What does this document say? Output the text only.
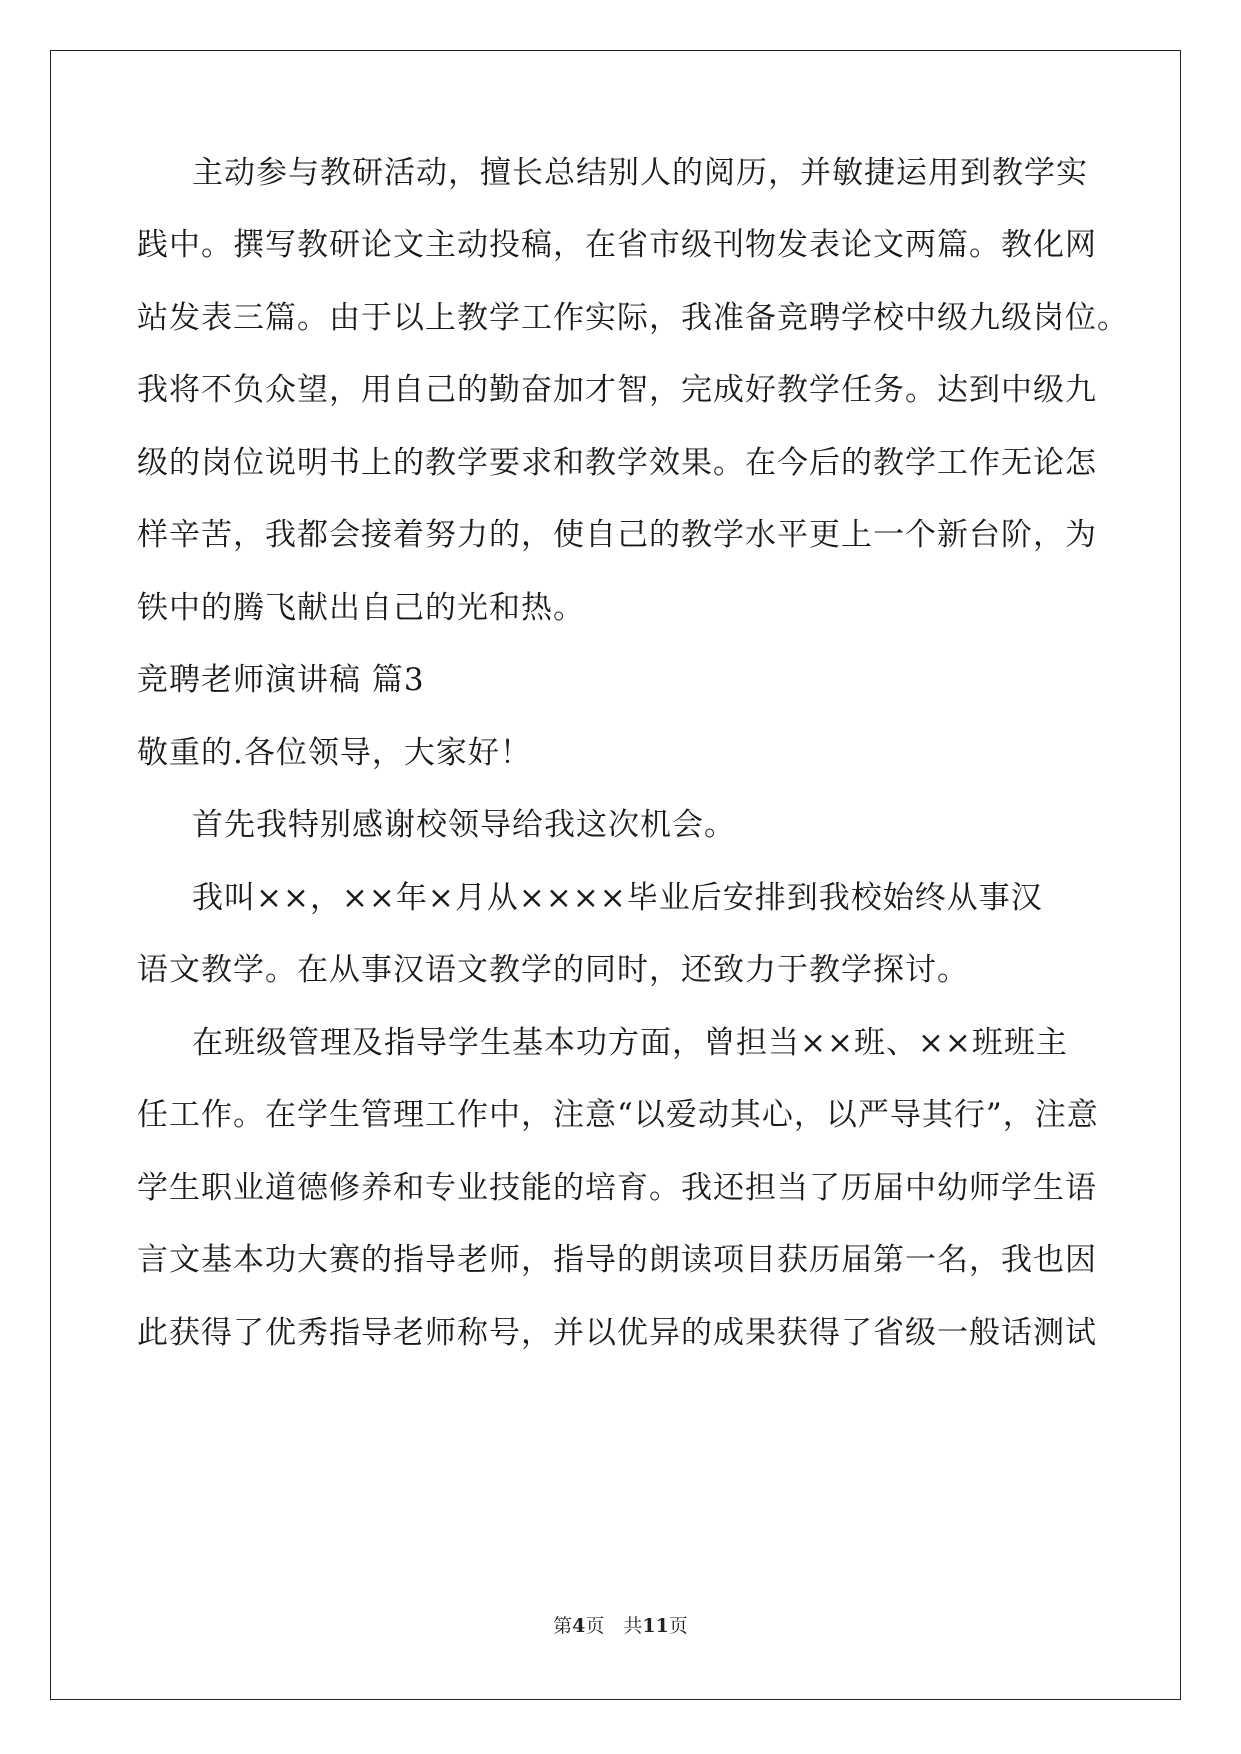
主动参与教研活动，擅长总结别人的阅历，并敏捷运用到教学实
践中。撰写教研论文主动投稿，在省市级刊物发表论文两篇。教化网
站发表三篇。由于以上教学工作实际，我准备竞聘学校中级九级岗位。
我将不负众望，用自己的勤奋加才智，完成好教学任务。达到中级九
级的岗位说明书上的教学要求和教学效果。在今后的教学工作无论怎
样辛苦，我都会接着努力的，使自己的教学水平更上一个新台阶，为
铁中的腾飞献出自己的光和热。
竞聘老师演讲稿 篇3
敬重的.各位领导，大家好！
首先我特别感谢校领导给我这次机会。
我叫××，××年×月从××××毕业后安排到我校始终从事汉
语文教学。在从事汉语文教学的同时，还致力于教学探讨。
在班级管理及指导学生基本功方面，曾担当××班、××班班主
任工作。在学生管理工作中，注意“以爱动其心，以严导其行”，注意
学生职业道德修养和专业技能的培育。我还担当了历届中幼师学生语
言文基本功大赛的指导老师，指导的朗读项目获历届第一名，我也因
此获得了优秀指导老师称号，并以优异的成果获得了省级一般话测试
第4页　共11页
